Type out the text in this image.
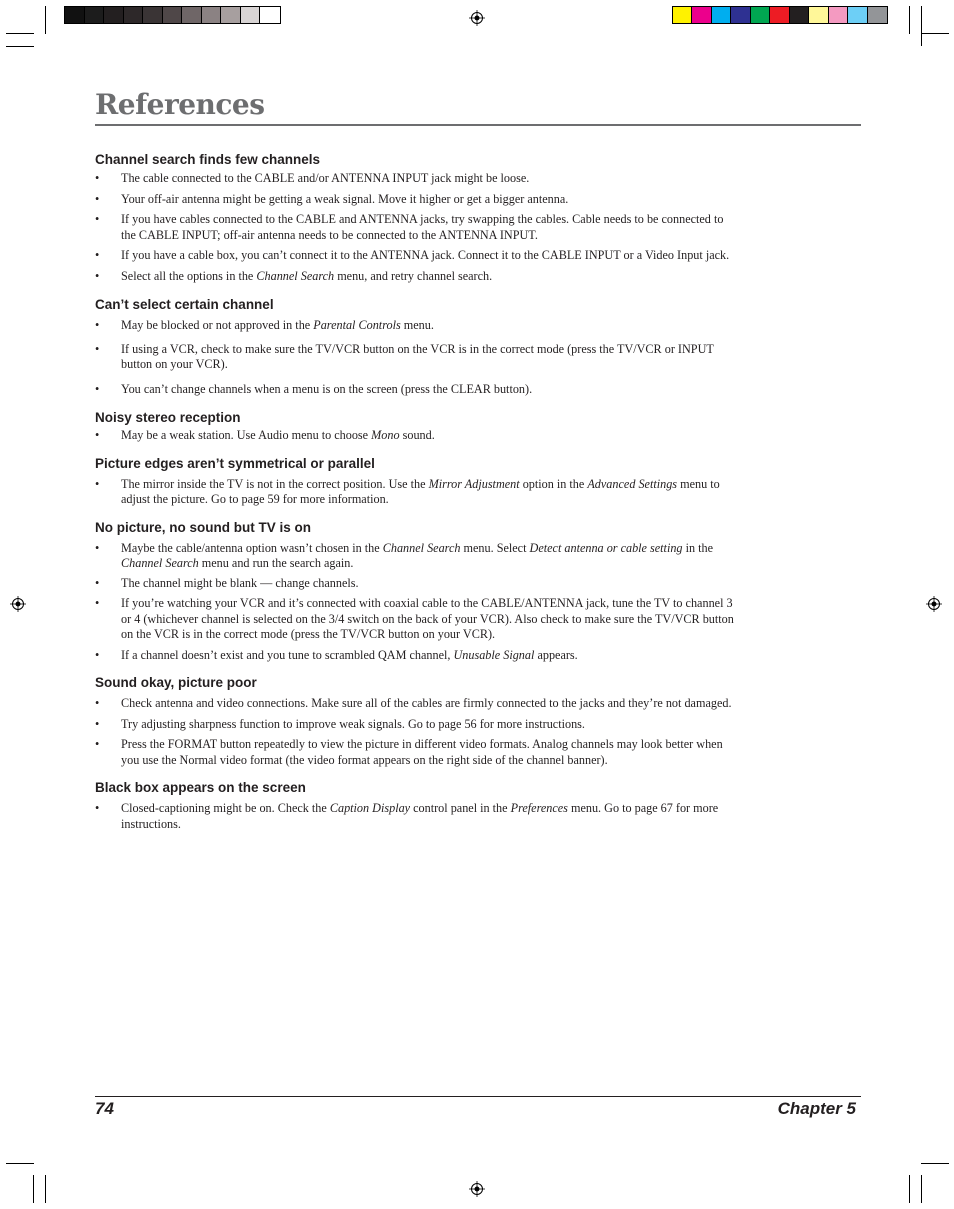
References
Channel search finds few channels
• The cable connected to the CABLE and/or ANTENNA INPUT jack might be loose.
• Your off-air antenna might be getting a weak signal. Move it higher or get a bigger antenna.
• If you have cables connected to the CABLE and ANTENNA jacks, try swapping the cables. Cable needs to be connected to the CABLE INPUT; off-air antenna needs to be connected to the ANTENNA INPUT.
• If you have a cable box, you can’t connect it to the ANTENNA jack. Connect it to the CABLE INPUT or a Video Input jack.
• Select all the options in the Channel Search menu, and retry channel search.
Can’t select certain channel
• May be blocked or not approved in the Parental Controls menu.
• If using a VCR, check to make sure the TV/VCR button on the VCR is in the correct mode (press the TV/VCR or INPUT button on your VCR).
• You can’t change channels when a menu is on the screen (press the CLEAR button).
Noisy stereo reception
• May be a weak station. Use Audio menu to choose Mono sound.
Picture edges aren’t symmetrical or parallel
• The mirror inside the TV is not in the correct position. Use the Mirror Adjustment option in the Advanced Settings menu to adjust the picture. Go to page 59 for more information.
No picture, no sound but TV is on
• Maybe the cable/antenna option wasn’t chosen in the Channel Search menu. Select Detect antenna or cable setting in the Channel Search menu and run the search again.
• The channel might be blank — change channels.
• If you’re watching your VCR and it’s connected with coaxial cable to the CABLE/ANTENNA jack, tune the TV to channel 3 or 4 (whichever channel is selected on the 3/4 switch on the back of your VCR). Also check to make sure the TV/VCR button on the VCR is in the correct mode (press the TV/VCR button on your VCR).
• If a channel doesn’t exist and you tune to scrambled QAM channel, Unusable Signal appears.
Sound okay, picture poor
• Check antenna and video connections. Make sure all of the cables are firmly connected to the jacks and they’re not damaged.
• Try adjusting sharpness function to improve weak signals. Go to page 56 for more instructions.
• Press the FORMAT button repeatedly to view the picture in different video formats. Analog channels may look better when you use the Normal video format (the video format appears on the right side of the channel banner).
Black box appears on the screen
• Closed-captioning might be on. Check the Caption Display control panel in the Preferences menu. Go to page 67 for more instructions.
74	Chapter 5
